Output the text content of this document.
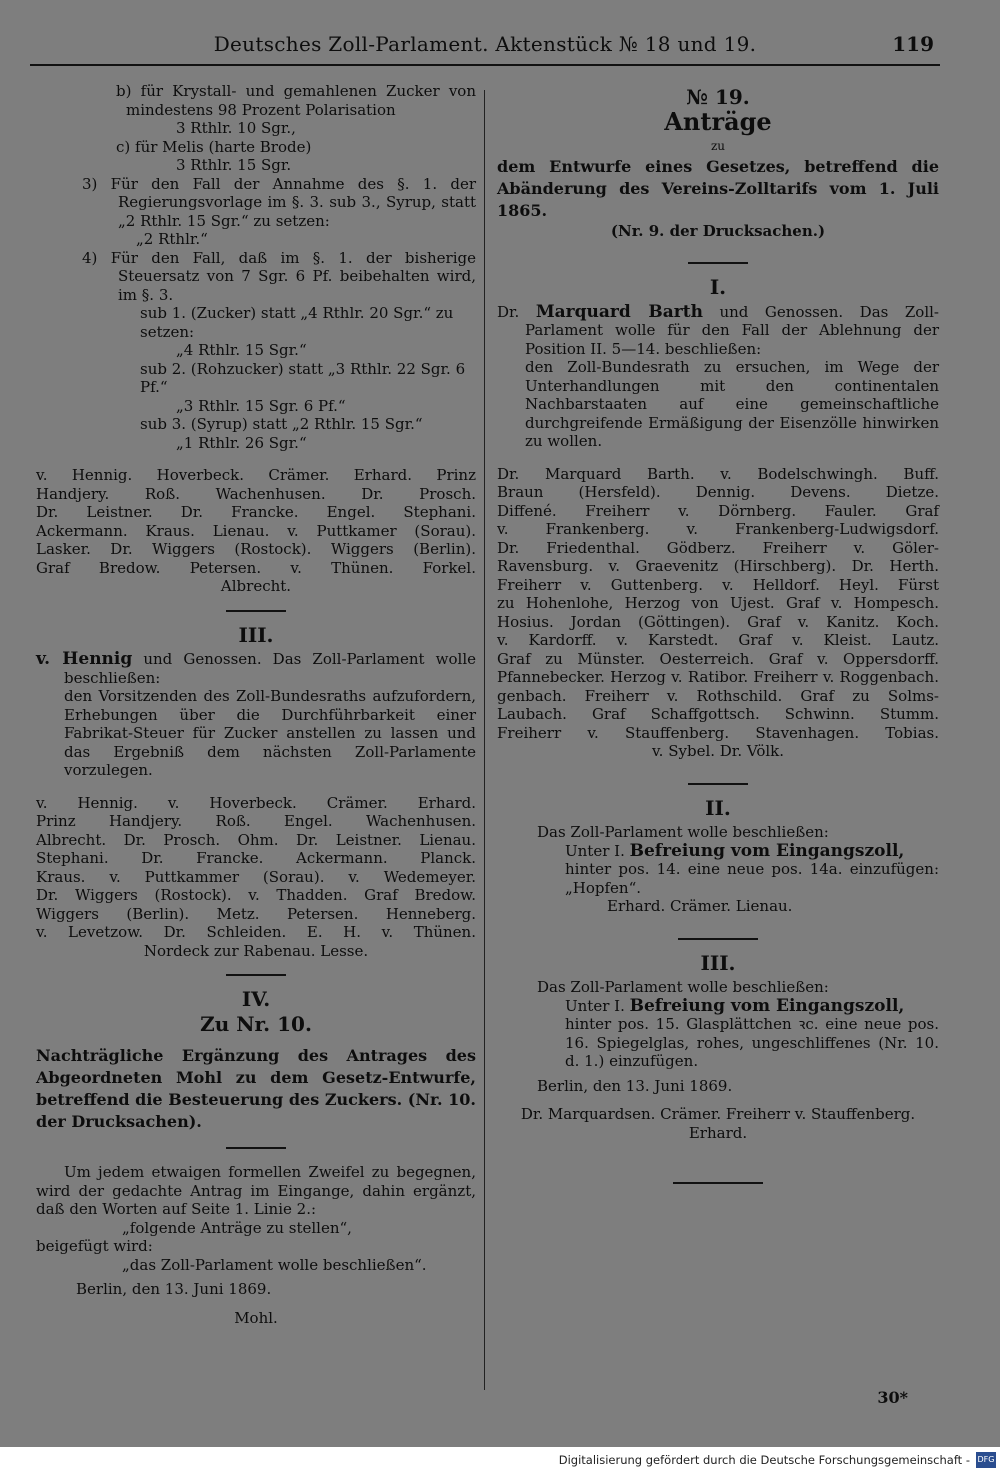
Deutsches Zoll-Parlament. Aktenstück № 18 und 19.	119

b) für Krystall- und gemahlenen Zucker von mindestens 98 Prozent Polarisation

3 Rthlr. 10 Sgr.,

c) für Melis (harte Brode)

3 Rthlr. 15 Sgr.

3) Für den Fall der Annahme des §. 1. der Regierungsvorlage im §. 3. sub 3., Syrup, statt „2 Rthlr. 15 Sgr.“ zu setzen:

„2 Rthlr.“

4) Für den Fall, daß im §. 1. der bisherige Steuersatz von 7 Sgr. 6 Pf. beibehalten wird, im §. 3.

sub 1. (Zucker) statt „4 Rthlr. 20 Sgr.“ zu setzen:

„4 Rthlr. 15 Sgr.“

sub 2. (Rohzucker) statt „3 Rthlr. 22 Sgr. 6 Pf.“

„3 Rthlr. 15 Sgr. 6 Pf.“

sub 3. (Syrup) statt „2 Rthlr. 15 Sgr.“

„1 Rthlr. 26 Sgr.“

v. Hennig. Hoverbeck. Crämer. Erhard. Prinz
Handjery. Roß. Wachenhusen. Dr. Prosch.
Dr. Leistner. Dr. Francke. Engel. Stephani.
Ackermann. Kraus. Lienau. v. Puttkamer (Sorau).
Lasker. Dr. Wiggers (Rostock). Wiggers (Berlin).
Graf Bredow. Petersen. v. Thünen. Forkel.
Albrecht.
III.

v. Hennig und Genossen. Das Zoll-Parlament wolle beschließen:

den Vorsitzenden des Zoll-Bundesraths aufzufordern, Erhebungen über die Durchführbarkeit einer Fabrikat-Steuer für Zucker anstellen zu lassen und das Ergebniß dem nächsten Zoll-Parlamente vorzulegen.

v. Hennig. v. Hoverbeck. Crämer. Erhard.
Prinz Handjery. Roß. Engel. Wachenhusen.
Albrecht. Dr. Prosch. Ohm. Dr. Leistner. Lienau.
Stephani. Dr. Francke. Ackermann. Planck.
Kraus. v. Puttkammer (Sorau). v. Wedemeyer.
Dr. Wiggers (Rostock). v. Thadden. Graf Bredow.
Wiggers (Berlin). Metz. Petersen. Henneberg.
v. Levetzow. Dr. Schleiden. E. H. v. Thünen.
Nordeck zur Rabenau. Lesse.
IV.
Zu Nr. 10.

Nachträgliche Ergänzung des Antrages des Abgeordneten Mohl zu dem Gesetz-Entwurfe, betreffend die Besteuerung des Zuckers. (Nr. 10. der Drucksachen).

Um jedem etwaigen formellen Zweifel zu begegnen, wird der gedachte Antrag im Eingange, dahin ergänzt, daß den Worten auf Seite 1. Linie 2.:

„folgende Anträge zu stellen“,

beigefügt wird:

„das Zoll-Parlament wolle beschließen“.

Berlin, den 13. Juni 1869.

Mohl.

№ 19.
Anträge

zu

dem Entwurfe eines Gesetzes, betreffend die Abänderung des Vereins-Zolltarifs vom 1. Juli 1865.

(Nr. 9. der Drucksachen.)

I.

Dr. Marquard Barth und Genossen. Das Zoll-Parlament wolle für den Fall der Ablehnung der Position II. 5—14. beschließen:

den Zoll-Bundesrath zu ersuchen, im Wege der Unterhandlungen mit den continentalen Nachbarstaaten auf eine gemeinschaftliche durchgreifende Ermäßigung der Eisenzölle hinwirken zu wollen.

Dr. Marquard Barth. v. Bodelschwingh. Buff.
Braun (Hersfeld). Dennig. Devens. Dietze.
Diffené. Freiherr v. Dörnberg. Fauler. Graf
v. Frankenberg. v. Frankenberg-Ludwigsdorf.
Dr. Friedenthal. Gödberz. Freiherr v. Göler-
Ravensburg. v. Graevenitz (Hirschberg). Dr. Herth.
Freiherr v. Guttenberg. v. Helldorf. Heyl. Fürst
zu Hohenlohe, Herzog von Ujest. Graf v. Hompesch.
Hosius. Jordan (Göttingen). Graf v. Kanitz. Koch.
v. Kardorff. v. Karstedt. Graf v. Kleist. Lautz.
Graf zu Münster. Oesterreich. Graf v. Oppersdorff.
Pfannebecker. Herzog v. Ratibor. Freiherr v. Roggenbach.
genbach. Freiherr v. Rothschild. Graf zu Solms-
Laubach. Graf Schaffgottsch. Schwinn. Stumm.
Freiherr v. Stauffenberg. Stavenhagen. Tobias.
v. Sybel. Dr. Völk.
II.

Das Zoll-Parlament wolle beschließen:

Unter I. Befreiung vom Eingangszoll,

hinter pos. 14. eine neue pos. 14a. einzufügen: „Hopfen“.

Erhard. Crämer. Lienau.

III.

Das Zoll-Parlament wolle beschließen:

Unter I. Befreiung vom Eingangszoll,

hinter pos. 15. Glasplättchen ꝛc. eine neue pos. 16. Spiegelglas, rohes, ungeschliffenes (Nr. 10. d. 1.) einzufügen.

Berlin, den 13. Juni 1869.

Dr. Marquardsen. Crämer. Freiherr v. Stauffenberg.

Erhard.

30*
Digitalisierung gefördert durch die Deutsche Forschungsgemeinschaft - DFG
